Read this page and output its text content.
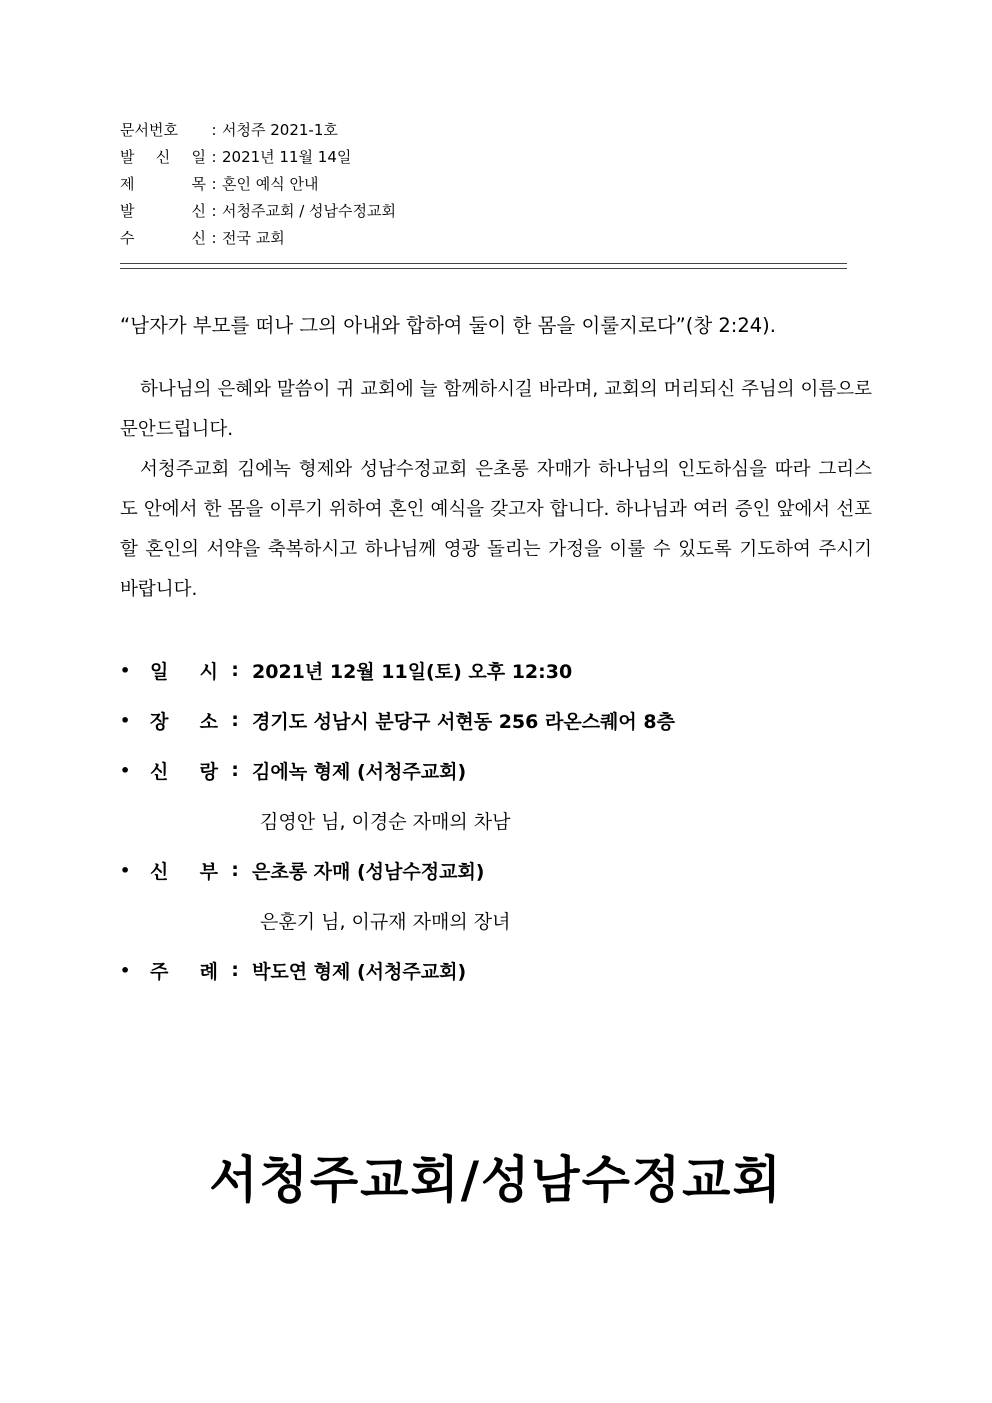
문서번호	: 서청주 2021-1호
발 신 일 : 2021년 11월 14일
제	목 : 혼인 예식 안내
발	신 : 서청주교회 / 성남수정교회
수	신 : 전국 교회
“남자가 부모를 떠나 그의 아내와 합하여 둘이 한 몸을 이룰지로다”(창 2:24).

하나님의 은혜와 말씀이 귀 교회에 늘 함께하시길 바라며, 교회의 머리되신 주님의 이름으로 문안드립니다.

서청주교회 김에녹 형제와 성남수정교회 은초롱 자매가 하나님의 인도하심을 따라 그리스도 안에서 한 몸을 이루기 위하여 혼인 예식을 갖고자 합니다. 하나님과 여러 증인 앞에서 선포할 혼인의 서약을 축복하시고 하나님께 영광 돌리는 가정을 이룰 수 있도록 기도하여 주시기 바랍니다.

•	일 시 : 2021년 12월 11일(토) 오후 12:30
•	장 소 : 경기도 성남시 분당구 서현동 256 라온스퀘어 8층
•	신 랑 : 김에녹 형제 (서청주교회)
김영안 님, 이경순 자매의 차남
•	신 부 : 은초롱 자매 (성남수정교회)
은훈기 님, 이규재 자매의 장녀
•	주 례 : 박도연 형제 (서청주교회)
서청주교회/성남수정교회
